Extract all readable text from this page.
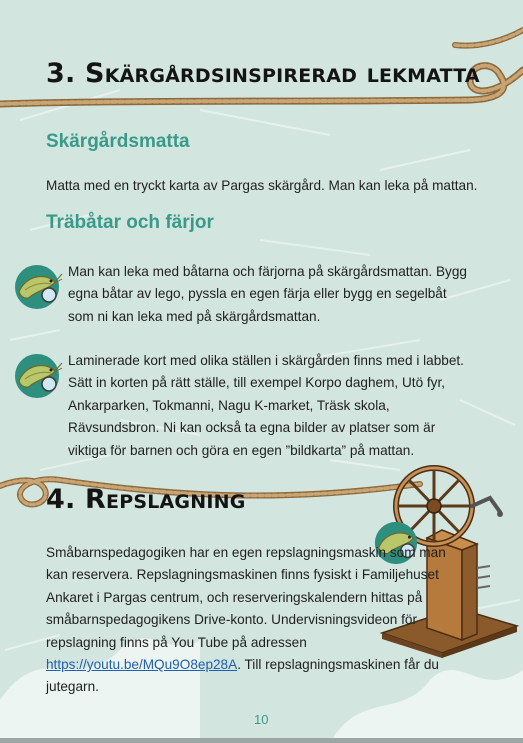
3. Skärgårdsinspirerad lekmatta
Skärgårdsmatta

Matta med en tryckt karta av Pargas skärgård. Man kan leka på mattan.

Träbåtar och färjor

Man kan leka med båtarna och färjorna på skärgårdsmattan. Bygg egna båtar av lego, pyssla en egen färja eller bygg en segelbåt som ni kan leka med på skärgårdsmattan.

Laminerade kort med olika ställen i skärgården finns med i labbet. Sätt in korten på rätt ställe, till exempel Korpo daghem, Utö fyr, Ankarparken, Tokmanni, Nagu K-market, Träsk skola, Rävsundsbron. Ni kan också ta egna bilder av platser som är viktiga för barnen och göra en egen ”bildkarta” på mattan.

4. Repslagning

Småbarnspedagogiken har en egen repslagningsmaskin som man kan reservera. Repslagningsmaskinen finns fysiskt i Familjehuset Ankaret i Pargas centrum, och reserveringskalendern hittas på småbarnspedagogikens Drive-konto. Undervisningsvideon för repslagning finns på You Tube på adressen https://youtu.be/MQu9O8ep28A. Till repslagningsmaskinen får du jutegarn.

10
